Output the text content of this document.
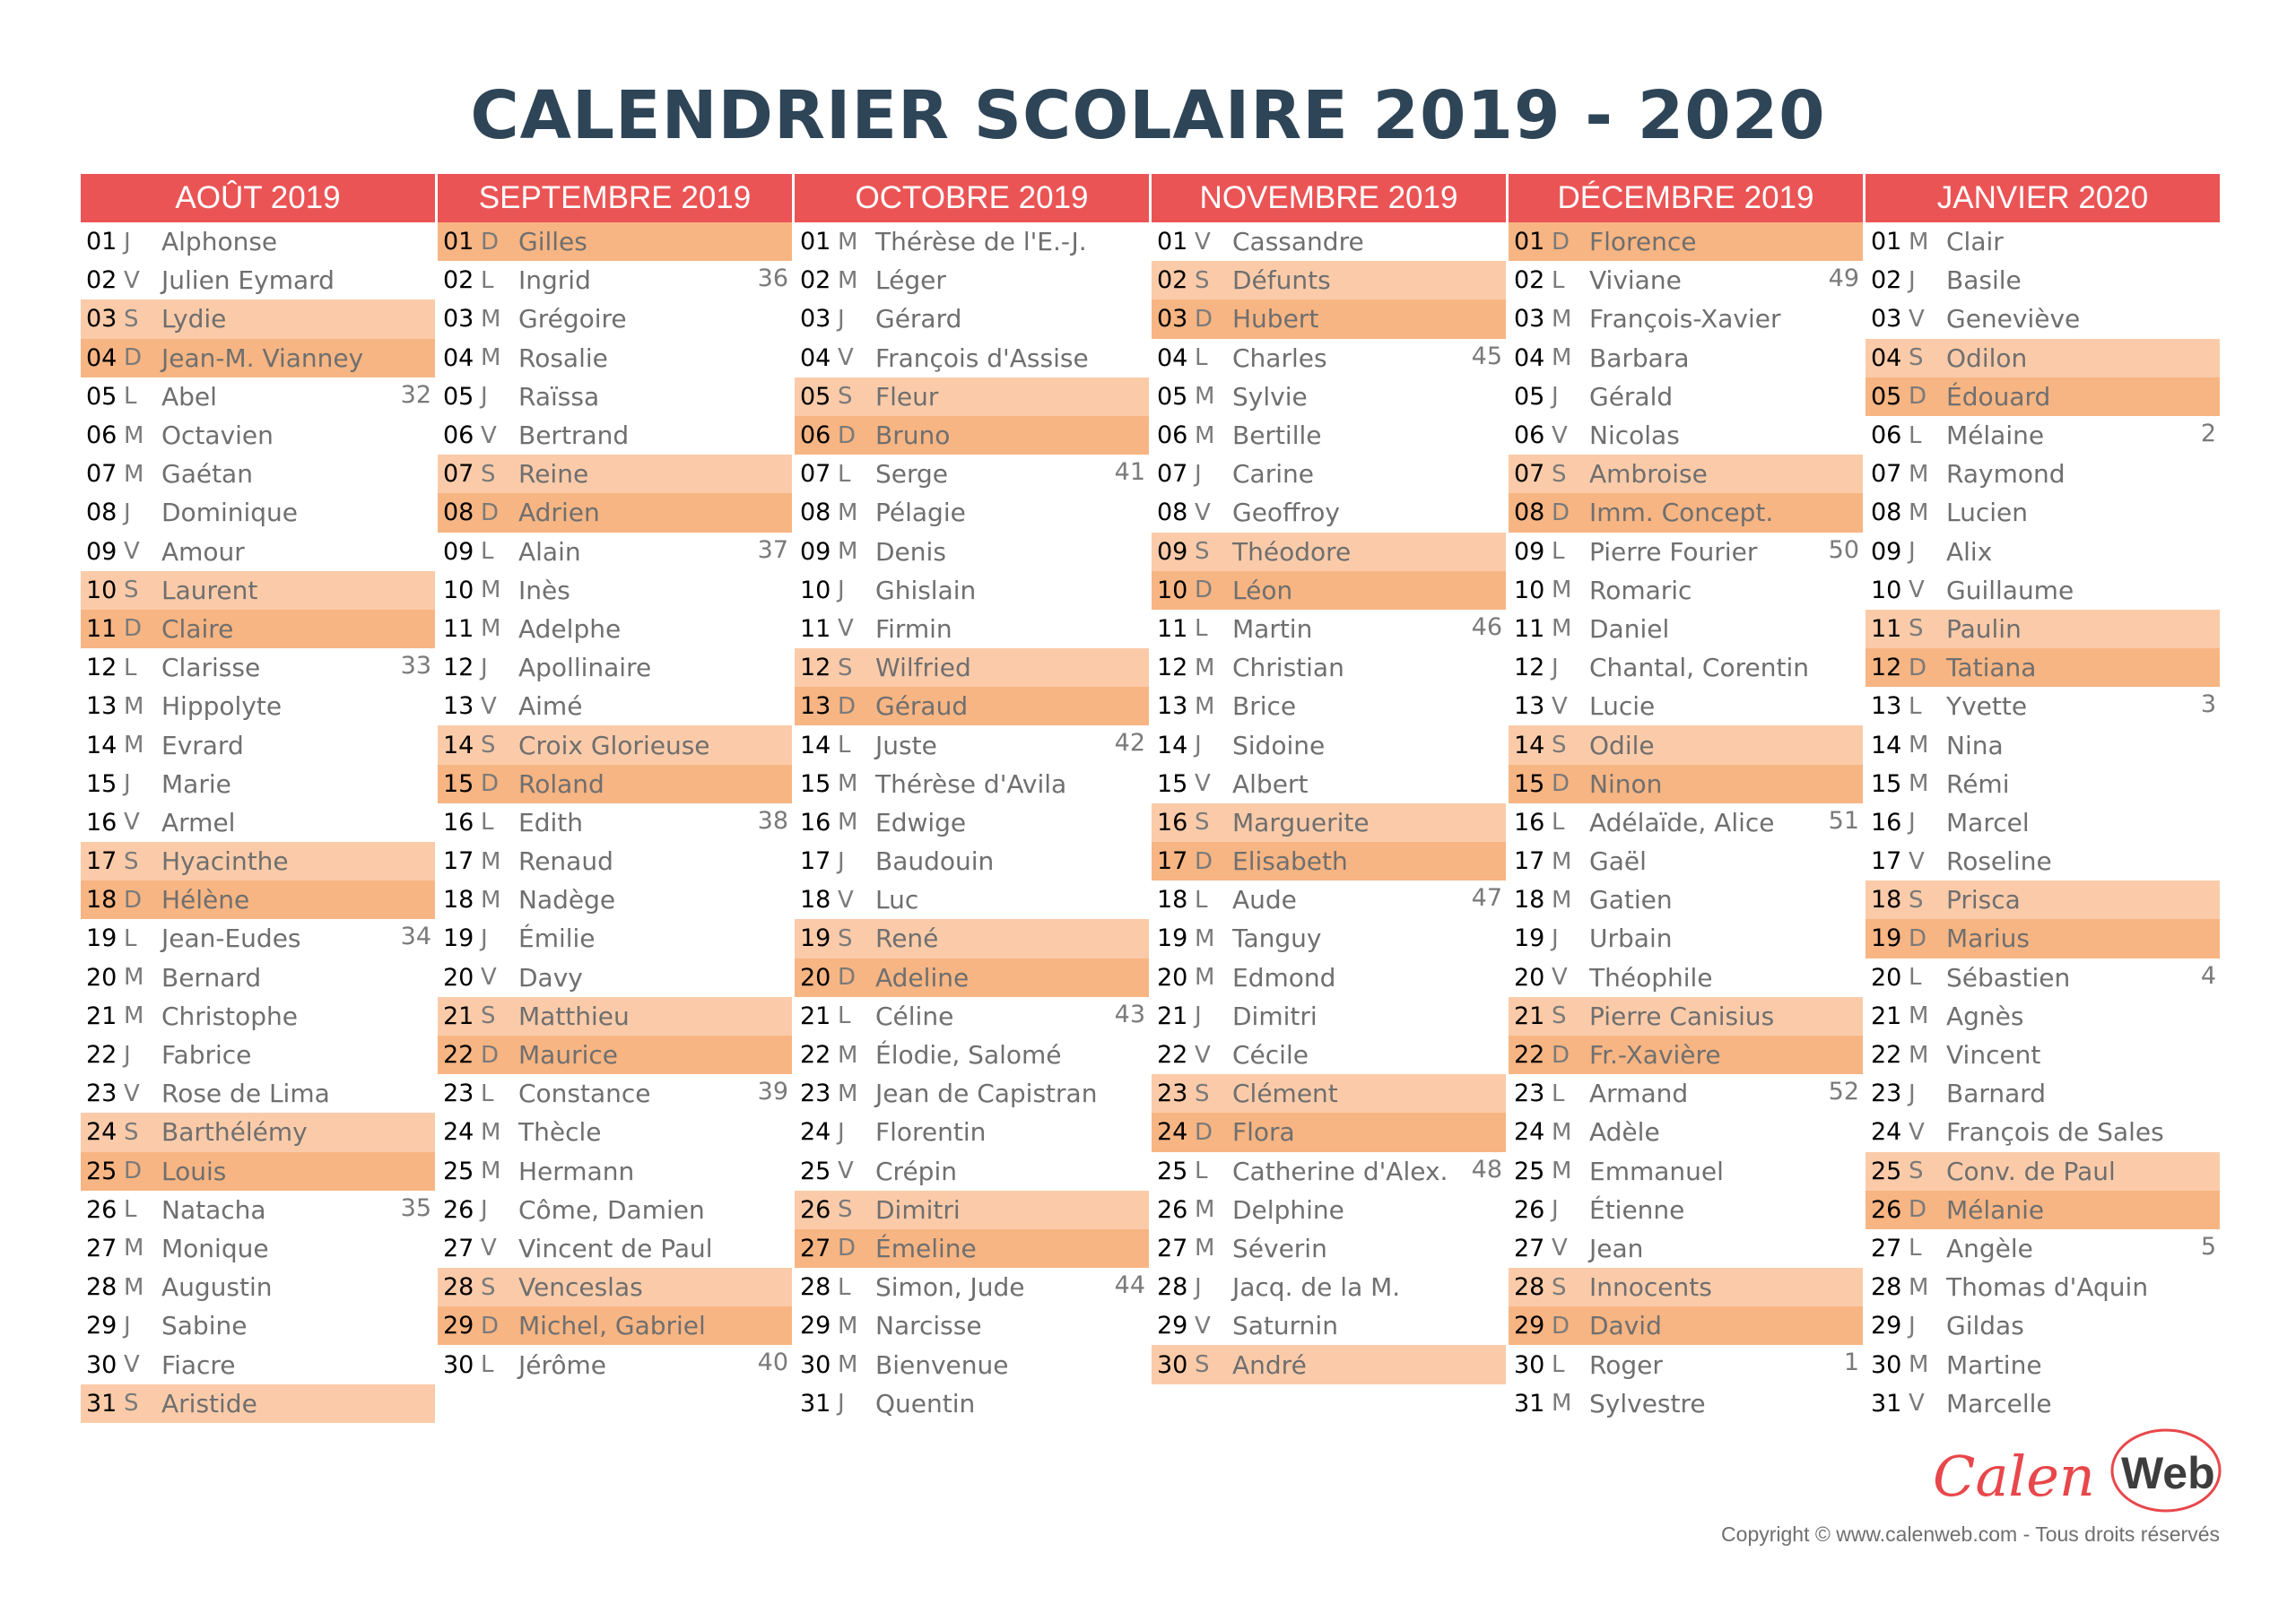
CALENDRIER SCOLAIRE 2019 - 2020
AOÛT 2019
01 J	Alphonse
02 V Julien Eymard
03 S Lydie
04 D Jean-M. Vianney
05 L Abel	32
06 M Octavien
07 M Gaétan
08 J	Dominique
09 V Amour
10 S Laurent
11 D Claire
12 L Clarisse	33
13 M Hippolyte
14 M Evrard
15 J	Marie
16 V Armel
17 S Hyacinthe
18 D Hélène
19 L Jean-Eudes	34
20 M Bernard
21 M Christophe
22 J	Fabrice
23 V Rose de Lima
24 S Barthélémy
25 D Louis
26 L Natacha	35
27 M Monique
28 M Augustin
29 J	Sabine
30 V Fiacre
31 S Aristide
SEPTEMBRE 2019
01 D Gilles
02 L Ingrid	36
03 M Grégoire
04 M Rosalie
05 J	Raïssa
06 V Bertrand
07 S Reine
08 D Adrien
09 L Alain	37
10 M Inès
11 M Adelphe
12 J	Apollinaire
13 V Aimé
14 S Croix Glorieuse
15 D Roland
16 L Edith	38
17 M Renaud
18 M Nadège
19 J	Émilie
20 V Davy
21 S Matthieu
22 D Maurice
23 L Constance	39
24 M Thècle
25 M Hermann
26 J	Côme, Damien
27 V Vincent de Paul
28 S Venceslas
29 D Michel, Gabriel
30 L Jérôme	40
OCTOBRE 2019
01 M Thérèse de l'E.-J.
02 M Léger
03 J	Gérard
04 V François d'Assise
05 S Fleur
06 D Bruno
07 L Serge	41
08 M Pélagie
09 M Denis
10 J	Ghislain
11 V Firmin
12 S Wilfried
13 D Géraud
14 L Juste	42
15 M Thérèse d'Avila
16 M Edwige
17 J	Baudouin
18 V Luc
19 S René
20 D Adeline
21 L Céline	43
22 M Élodie, Salomé
23 M Jean de Capistran
24 J	Florentin
25 V Crépin
26 S Dimitri
27 D Émeline
28 L Simon, Jude	44
29 M Narcisse
30 M Bienvenue
31 J	Quentin
NOVEMBRE 2019
01 V Cassandre
02 S Défunts
03 D Hubert
04 L Charles	45
05 M Sylvie
06 M Bertille
07 J	Carine
08 V Geoffroy
09 S Théodore
10 D Léon
11 L Martin	46
12 M Christian
13 M Brice
14 J	Sidoine
15 V Albert
16 S Marguerite
17 D Elisabeth
18 L Aude	47
19 M Tanguy
20 M Edmond
21 J	Dimitri
22 V Cécile
23 S Clément
24 D Flora
25 L Catherine d'Alex. 48
26 M Delphine
27 M Séverin
28 J	Jacq. de la M.
29 V Saturnin
30 S André
DÉCEMBRE 2019
01 D Florence
02 L Viviane	49
03 M François-Xavier
04 M Barbara
05 J	Gérald
06 V Nicolas
07 S Ambroise
08 D Imm. Concept.
09 L Pierre Fourier	50
10 M Romaric
11 M Daniel
12 J	Chantal, Corentin
13 V Lucie
14 S Odile
15 D Ninon
16 L Adélaïde, Alice	51
17 M Gaël
18 M Gatien
19 J	Urbain
20 V Théophile
21 S Pierre Canisius
22 D Fr.-Xavière
23 L Armand	52
24 M Adèle
25 M Emmanuel
26 J	Étienne
27 V Jean
28 S Innocents
29 D David
30 L Roger	1
31 M Sylvestre
JANVIER 2020
01 M Clair
02 J	Basile
03 V Geneviève
04 S Odilon
05 D Édouard
06 L Mélaine	2
07 M Raymond
08 M Lucien
09 J	Alix
10 V Guillaume
11 S Paulin
12 D Tatiana
13 L Yvette	3
14 M Nina
15 M Rémi
16 J	Marcel
17 V Roseline
18 S Prisca
19 D Marius
20 L Sébastien	4
21 M Agnès
22 M Vincent
23 J	Barnard
24 V François de Sales
25 S Conv. de Paul
26 D Mélanie
27 L Angèle	5
28 M Thomas d'Aquin
29 J	Gildas
30 M Martine
31 V Marcelle
Calen Web
Copyright © www.calenweb.com - Tous droits réservés
